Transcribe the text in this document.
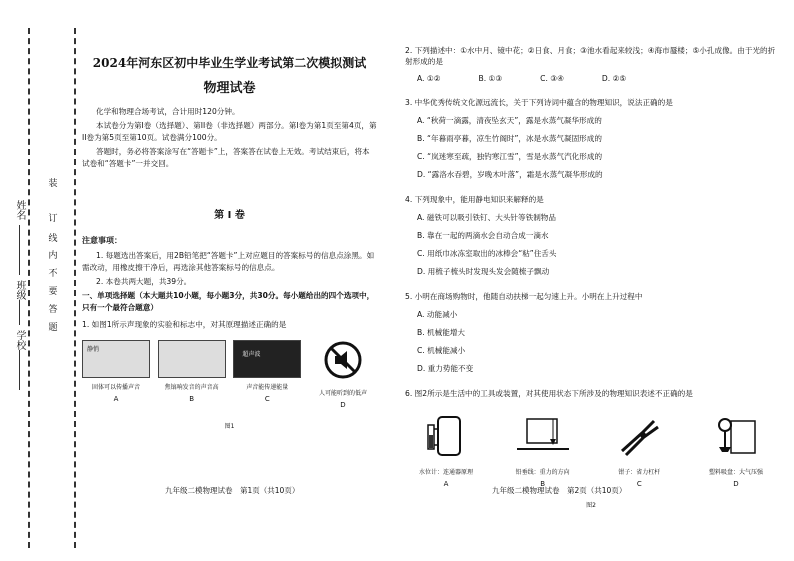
装
订
线
内
不
要
答
题
姓名
班级
学校
2024年河东区初中毕业生学业考试第二次模拟测试
物理试卷

化学和物理合场考试，合计用时120分钟。

本试卷分为第I卷（选择题）、第II卷（非选择题）两部分。第I卷为第1页至第4页，第II卷为第5页至第10页。试卷满分100分。

答题时，务必将答案涂写在“答题卡”上，答案答在试卷上无效。考试结束后，将本试卷和“答题卡”一并交回。

第 I 卷
注意事项：

1. 每题选出答案后，用2B铅笔把“答题卡”上对应题目的答案标号的信息点涂黑。如需改动，用橡皮擦干净后，再选涂其他答案标号的信息点。

2. 本卷共两大题，共39分。

一、单项选择题（本大题共10小题，每小题3分，共30分。每小题给出的四个选项中，只有一个最符合题意）

1. 如图1所示声现象的实验和标志中，对其原理描述正确的是

静悄
固体可以传播声音
A
焦镐响发音的声音高
B
超声波
声音能传递能量
C
人可能听到的低声
D
图1
九年级二模物理试卷　第1页（共10页）

2. 下列描述中：①水中月、镜中花；②日食、月食；③池水看起来较浅；④海市蜃楼；⑤小孔成像。由于光的折射形成的是

A. ①②	B. ①③	C. ③④	D. ②⑤

3. 中华优秀传统文化源远流长，关于下列诗词中蕴含的物理知识，说法正确的是

A. “秋荷一滴露，清夜坠玄天”，露是水蒸气凝华形成的

B. “年暮雨亭暮，凉生竹阁时”，冰是水蒸气凝固形成的

C. “岚迷寒至疏，独钓寒江雪”，雪是水蒸气汽化形成的

D. “露洛水吞碧，岁晚木叶落”，霜是水蒸气凝华形成的

4. 下列现象中，能用静电知识来解释的是

A. 磁铁可以吸引铁钉、大头针等铁制物品

B. 靠在一起的两滴水会自动合成一滴水

C. 用纸巾冰冻室取出的冰棒会“粘”住舌头

D. 用梳子梳头时发现头发会随梳子飘动

5. 小明在商场购物时，他随自动扶梯一起匀速上升。小明在上升过程中

A. 动能减小

B. 机械能增大

C. 机械能减小

D. 重力势能不变

6. 图2所示是生活中的工具或装置，对其使用状态下所涉及的物理知识表述不正确的是

水位计：连通器原理
A
铅垂线：重力的方向
B
钳子：省力杠杆
C
塑料吸盘：大气压强
D
图2
九年级二模物理试卷　第2页（共10页）
